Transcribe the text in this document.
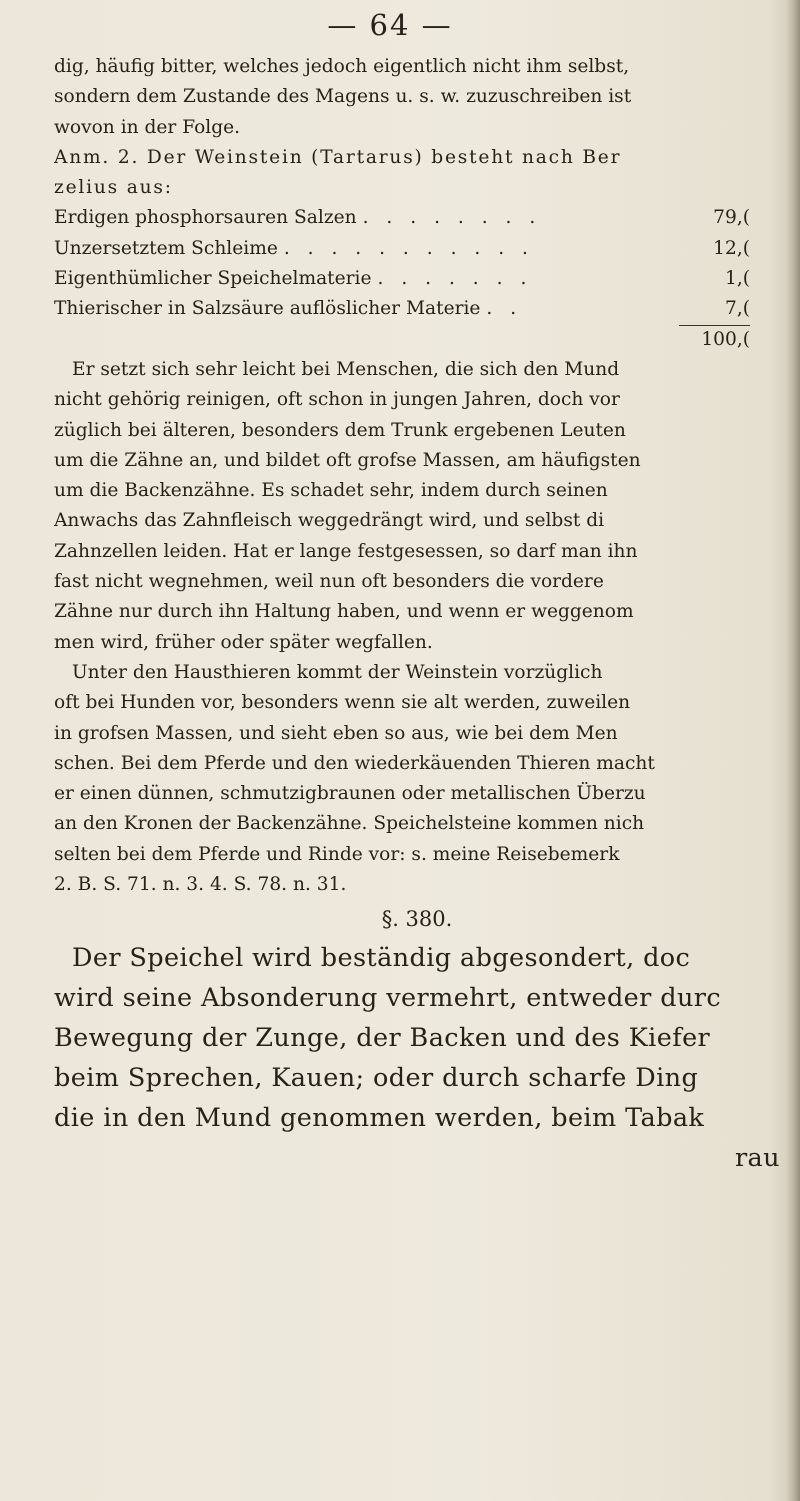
— 64 —
dig, häufig bitter, welches jedoch eigentlich nicht ihm selbst,
sondern dem Zustande des Magens u. s. w. zuzuschreiben ist
wovon in der Folge.
Anm. 2. Der Weinstein (Tartarus) besteht nach Ber
zelius aus:
Erdigen phosphorsauren Salzen . . . . . . . .	79,(
Unzersetztem Schleime . . . . . . . . . . .	12,(
Eigenthümlicher Speichelmaterie . . . . . . .	1,(
Thierischer in Salzsäure auflöslicher Materie . .	7,(
100,(
Er setzt sich sehr leicht bei Menschen, die sich den Mund
nicht gehörig reinigen, oft schon in jungen Jahren, doch vor
züglich bei älteren, besonders dem Trunk ergebenen Leuten
um die Zähne an, und bildet oft grofse Massen, am häufigsten
um die Backenzähne. Es schadet sehr, indem durch seinen
Anwachs das Zahnfleisch weggedrängt wird, und selbst di
Zahnzellen leiden. Hat er lange festgesessen, so darf man ihn
fast nicht wegnehmen, weil nun oft besonders die vordere
Zähne nur durch ihn Haltung haben, und wenn er weggenom
men wird, früher oder später wegfallen.
Unter den Hausthieren kommt der Weinstein vorzüglich
oft bei Hunden vor, besonders wenn sie alt werden, zuweilen
in grofsen Massen, und sieht eben so aus, wie bei dem Men
schen. Bei dem Pferde und den wiederkäuenden Thieren macht
er einen dünnen, schmutzigbraunen oder metallischen Überzu
an den Kronen der Backenzähne. Speichelsteine kommen nich
selten bei dem Pferde und Rinde vor: s. meine Reisebemerk
2. B. S. 71. n. 3. 4. S. 78. n. 31.
§. 380.
Der Speichel wird beständig abgesondert, doc
wird seine Absonderung vermehrt, entweder durc
Bewegung der Zunge, der Backen und des Kiefer
beim Sprechen, Kauen; oder durch scharfe Ding
die in den Mund genommen werden, beim Tabak
rau
